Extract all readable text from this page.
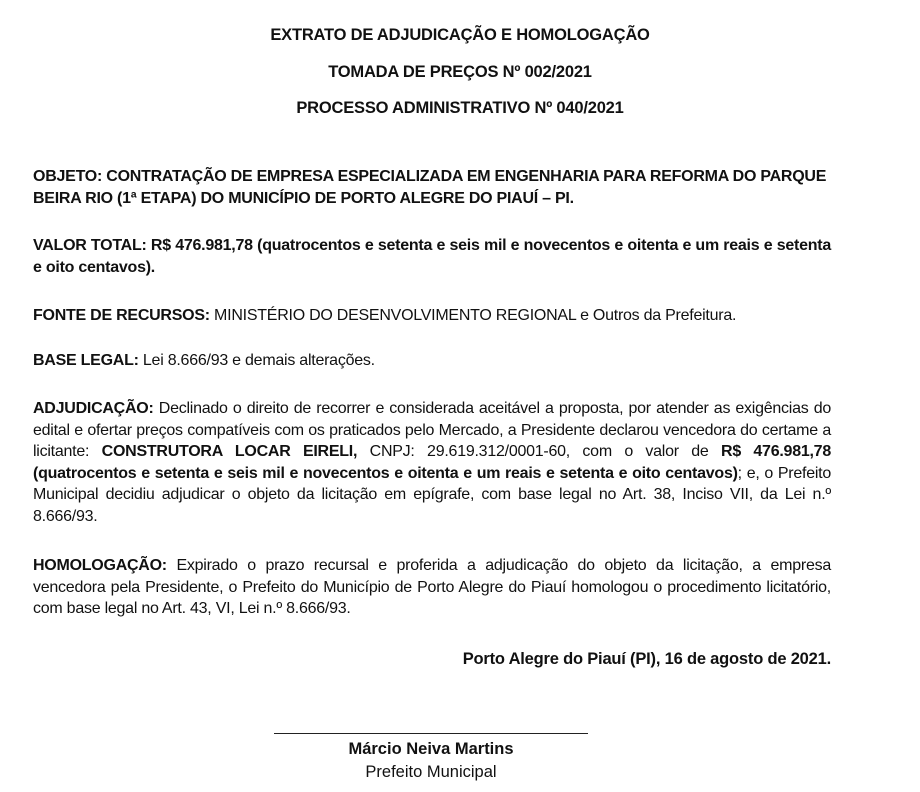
EXTRATO DE ADJUDICAÇÃO E HOMOLOGAÇÃO
TOMADA DE PREÇOS Nº 002/2021
PROCESSO ADMINISTRATIVO Nº 040/2021
OBJETO: CONTRATAÇÃO DE EMPRESA ESPECIALIZADA EM ENGENHARIA PARA REFORMA DO PARQUE BEIRA RIO (1ª ETAPA) DO MUNICÍPIO DE PORTO ALEGRE DO PIAUÍ – PI.
VALOR TOTAL: R$ 476.981,78 (quatrocentos e setenta e seis mil e novecentos e oitenta e um reais e setenta e oito centavos).
FONTE DE RECURSOS: MINISTÉRIO DO DESENVOLVIMENTO REGIONAL e Outros da Prefeitura.
BASE LEGAL: Lei 8.666/93 e demais alterações.
ADJUDICAÇÃO: Declinado o direito de recorrer e considerada aceitável a proposta, por atender as exigências do edital e ofertar preços compatíveis com os praticados pelo Mercado, a Presidente declarou vencedora do certame a licitante: CONSTRUTORA LOCAR EIRELI, CNPJ: 29.619.312/0001-60, com o valor de R$ 476.981,78 (quatrocentos e setenta e seis mil e novecentos e oitenta e um reais e setenta e oito centavos); e, o Prefeito Municipal decidiu adjudicar o objeto da licitação em epígrafe, com base legal no Art. 38, Inciso VII, da Lei n.º 8.666/93.
HOMOLOGAÇÃO: Expirado o prazo recursal e proferida a adjudicação do objeto da licitação, a empresa vencedora pela Presidente, o Prefeito do Município de Porto Alegre do Piauí homologou o procedimento licitatório, com base legal no Art. 43, VI, Lei n.º 8.666/93.
Porto Alegre do Piauí (PI), 16 de agosto de 2021.
Márcio Neiva Martins
Prefeito Municipal
